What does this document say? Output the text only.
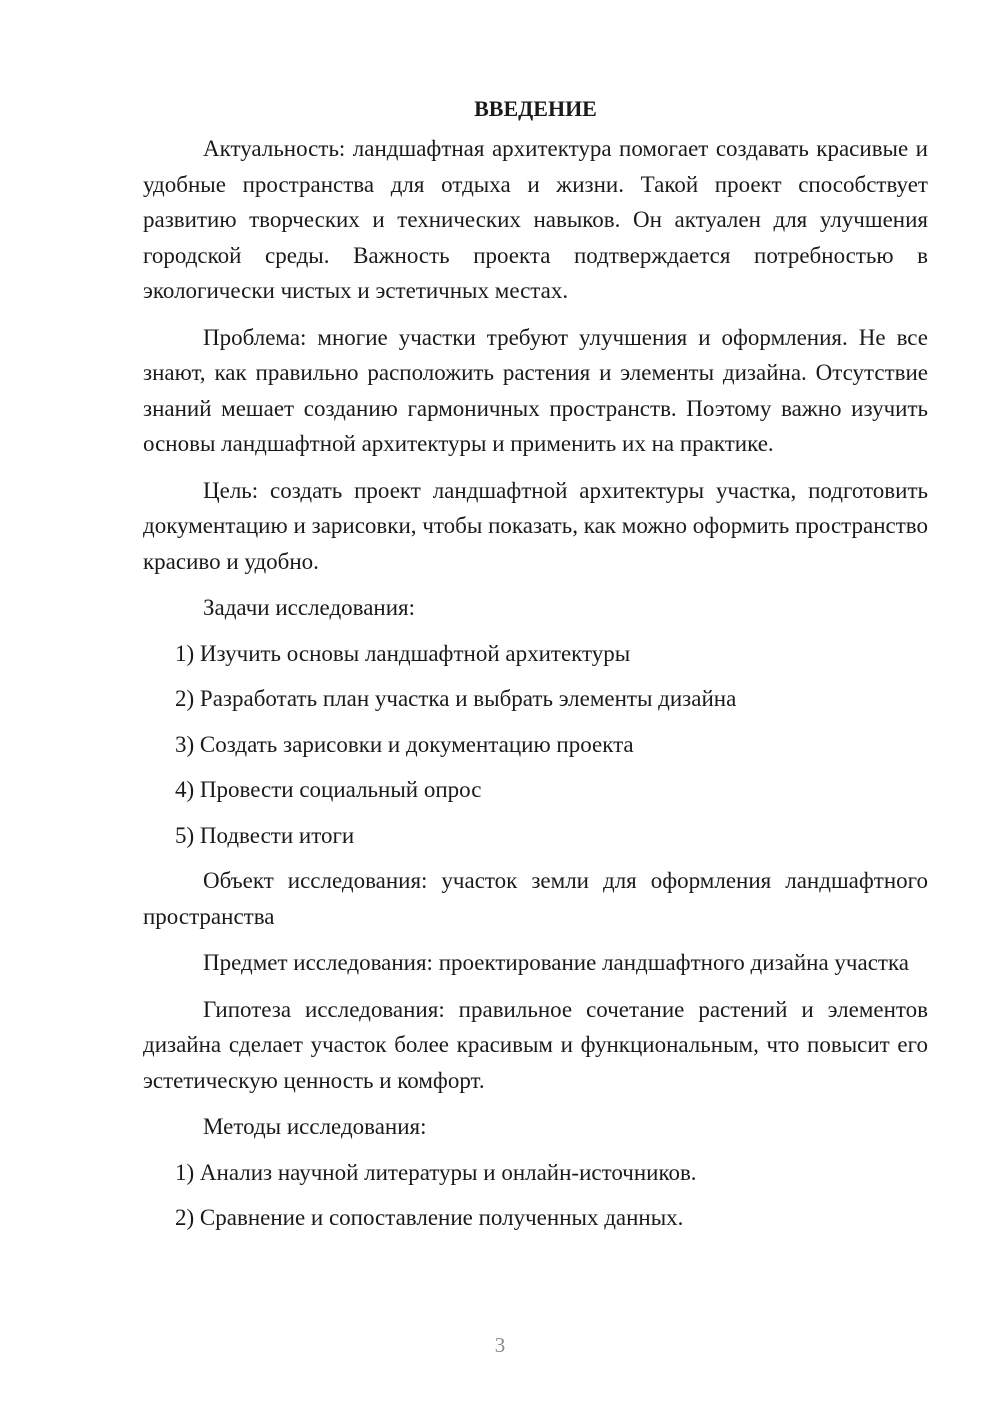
ВВЕДЕНИЕ

Актуальность: ландшафтная архитектура помогает создавать красивые и удобные пространства для отдыха и жизни. Такой проект способствует развитию творческих и технических навыков. Он актуален для улучшения городской среды. Важность проекта подтверждается потребностью в экологически чистых и эстетичных местах.

Проблема: многие участки требуют улучшения и оформления. Не все знают, как правильно расположить растения и элементы дизайна. Отсутствие знаний мешает созданию гармоничных пространств. Поэтому важно изучить основы ландшафтной архитектуры и применить их на практике.

Цель: создать проект ландшафтной архитектуры участка, подготовить документацию и зарисовки, чтобы показать, как можно оформить пространство красиво и удобно.

Задачи исследования:
1) Изучить основы ландшафтной архитектуры
2) Разработать план участка и выбрать элементы дизайна
3) Создать зарисовки и документацию проекта
4) Провести социальный опрос
5) Подвести итоги

Объект исследования: участок земли для оформления ландшафтного пространства

Предмет исследования: проектирование ландшафтного дизайна участка

Гипотеза исследования: правильное сочетание растений и элементов дизайна сделает участок более красивым и функциональным, что повысит его эстетическую ценность и комфорт.

Методы исследования:
1) Анализ научной литературы и онлайн-источников.
2) Сравнение и сопоставление полученных данных.
3
